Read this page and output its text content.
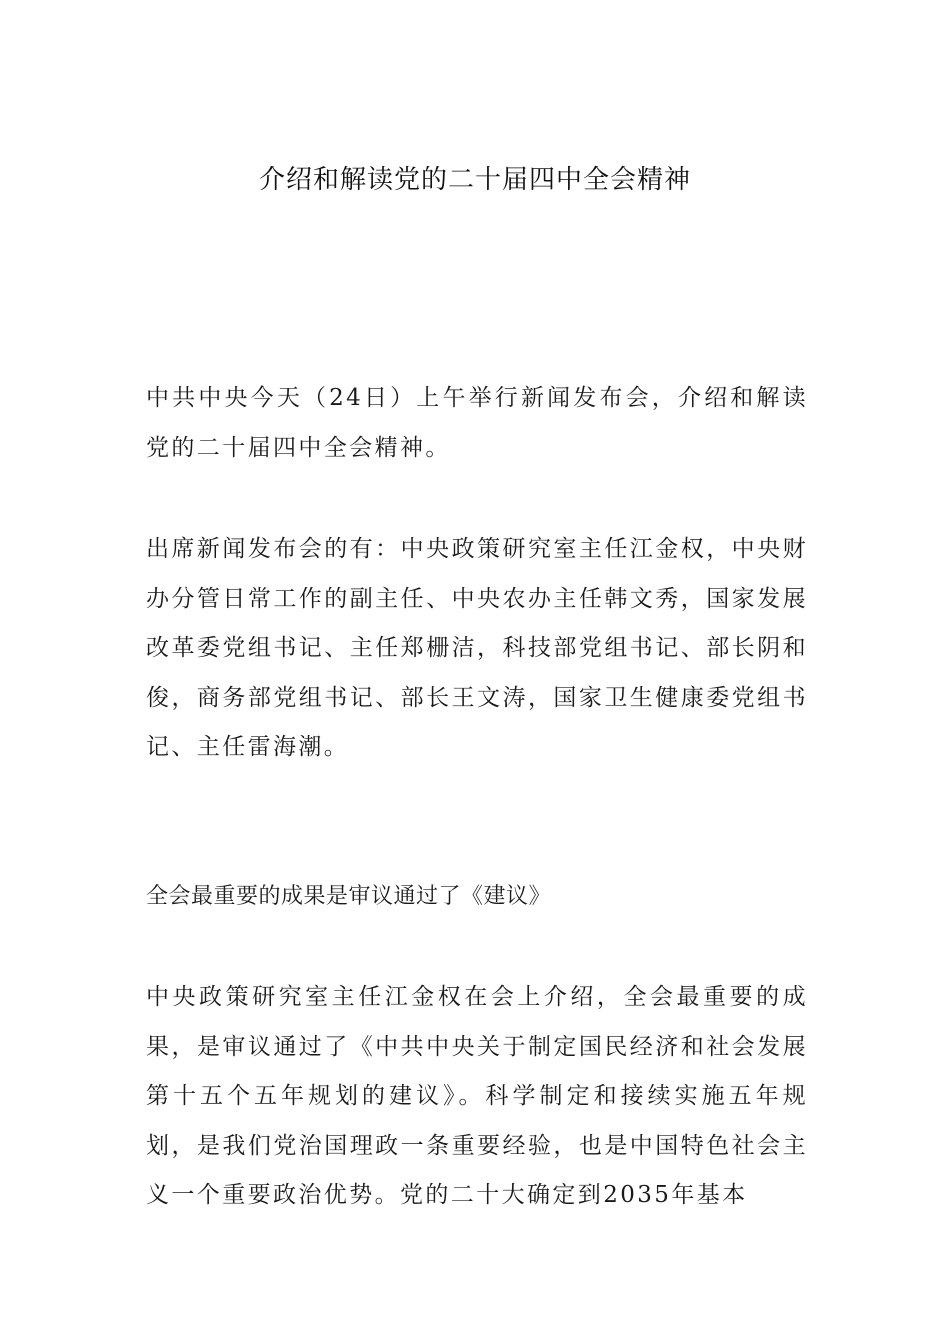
介绍和解读党的二十届四中全会精神

中共中央今天（24日）上午举行新闻发布会，介绍和解读党的二十届四中全会精神。

出席新闻发布会的有：中央政策研究室主任江金权，中央财办分管日常工作的副主任、中央农办主任韩文秀，国家发展改革委党组书记、主任郑栅洁，科技部党组书记、部长阴和俊，商务部党组书记、部长王文涛，国家卫生健康委党组书记、主任雷海潮。

全会最重要的成果是审议通过了《建议》

中央政策研究室主任江金权在会上介绍，全会最重要的成果，是审议通过了《中共中央关于制定国民经济和社会发展第十五个五年规划的建议》。科学制定和接续实施五年规划，是我们党治国理政一条重要经验，也是中国特色社会主义一个重要政治优势。党的二十大确定到2035年基本
